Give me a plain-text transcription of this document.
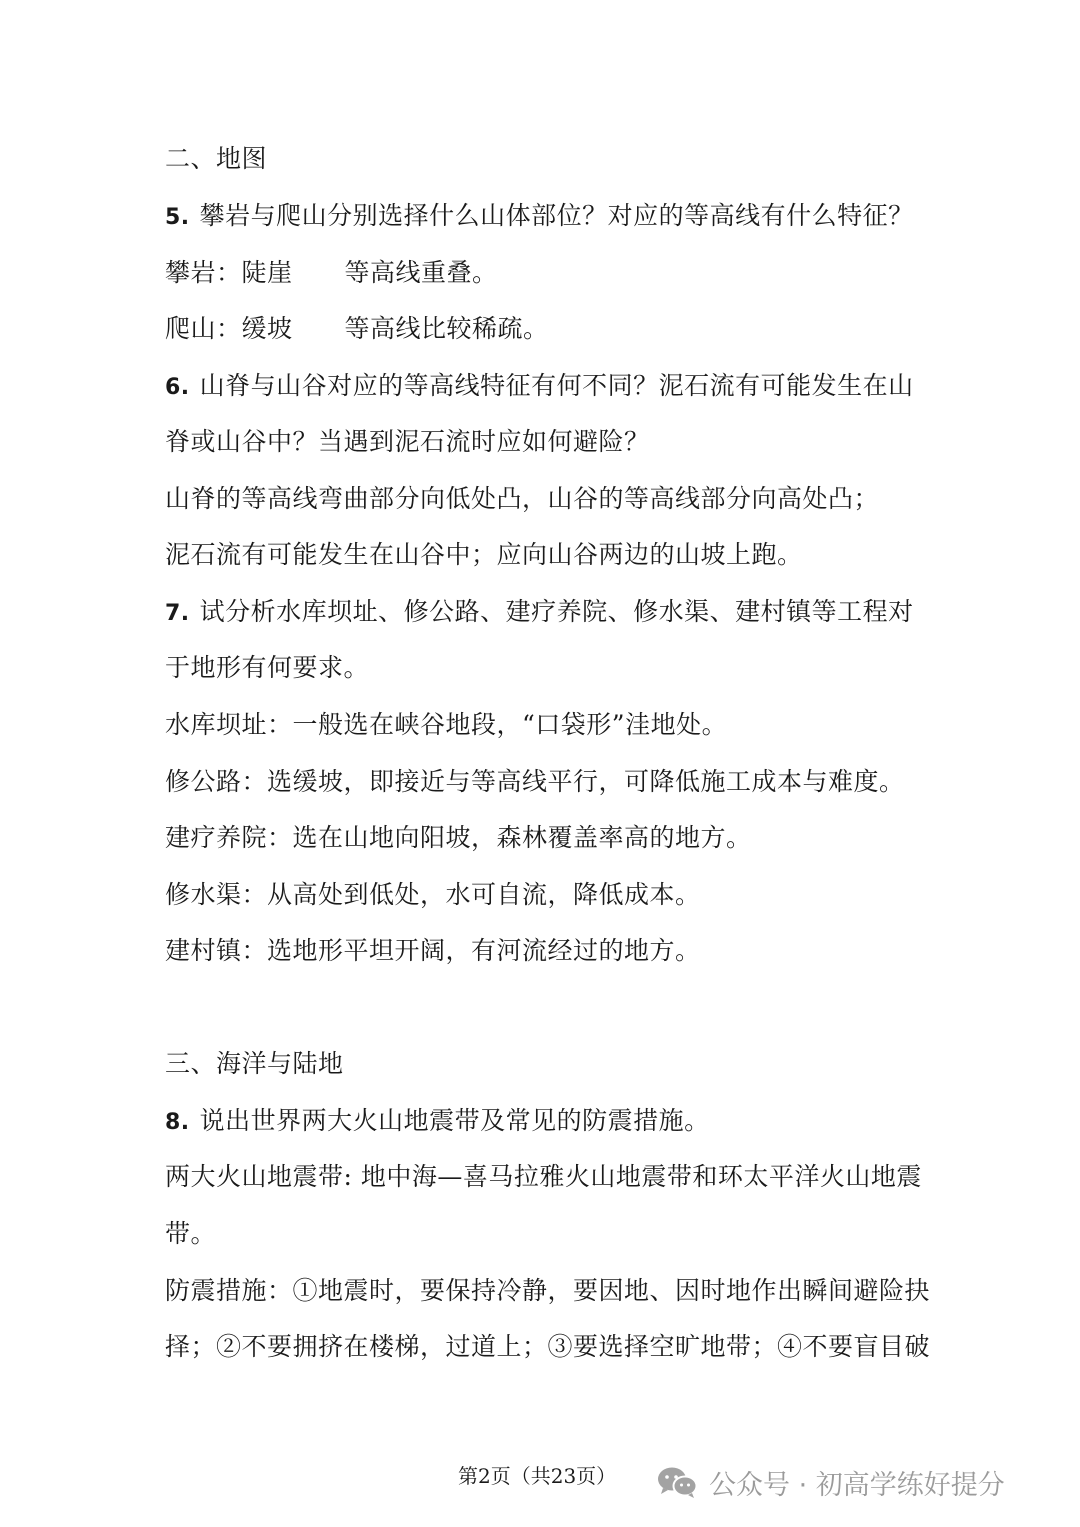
二、地图
5. 攀岩与爬山分别选择什么山体部位？对应的等高线有什么特征？
攀岩：陡崖 等高线重叠。
爬山：缓坡 等高线比较稀疏。
6. 山脊与山谷对应的等高线特征有何不同？泥石流有可能发生在山
脊或山谷中？当遇到泥石流时应如何避险？
山脊的等高线弯曲部分向低处凸，山谷的等高线部分向高处凸；
泥石流有可能发生在山谷中；应向山谷两边的山坡上跑。
7. 试分析水库坝址、修公路、建疗养院、修水渠、建村镇等工程对
于地形有何要求。
水库坝址：一般选在峡谷地段，“口袋形”洼地处。
修公路：选缓坡，即接近与等高线平行，可降低施工成本与难度。
建疗养院：选在山地向阳坡，森林覆盖率高的地方。
修水渠：从高处到低处，水可自流，降低成本。
建村镇：选地形平坦开阔，有河流经过的地方。
三、海洋与陆地
8. 说出世界两大火山地震带及常见的防震措施。
两大火山地震带: 地中海—喜马拉雅火山地震带和环太平洋火山地震
带。
防震措施：①地震时，要保持冷静，要因地、因时地作出瞬间避险抉
择；②不要拥挤在楼梯，过道上；③要选择空旷地带；④不要盲目破
第2页（共23页）	公众号 · 初高学练好提分
